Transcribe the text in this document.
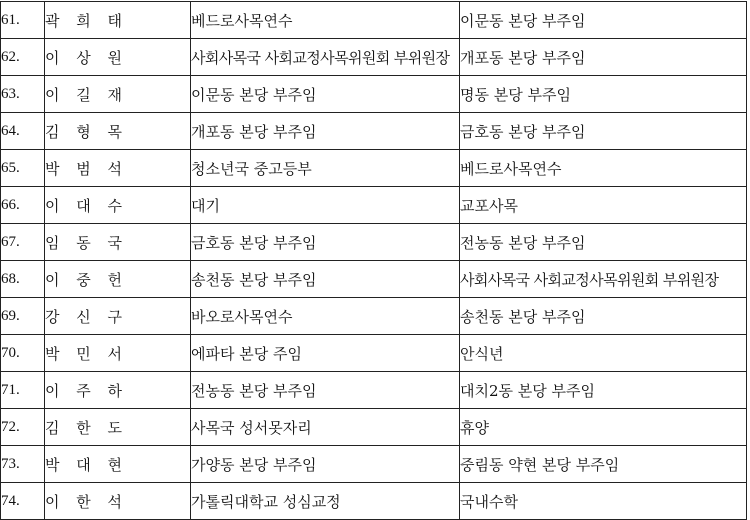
61.	곽 희 태	베드로사목연수	이문동 본당 부주임
62.	이 상 원	사회사목국 사회교정사목위원회 부위원장	개포동 본당 부주임
63.	이 길 재	이문동 본당 부주임	명동 본당 부주임
64.	김 형 목	개포동 본당 부주임	금호동 본당 부주임
65.	박 범 석	청소년국 중고등부	베드로사목연수
66.	이 대 수	대기	교포사목
67.	임 동 국	금호동 본당 부주임	전농동 본당 부주임
68.	이 중 헌	송천동 본당 부주임	사회사목국 사회교정사목위원회 부위원장
69.	강 신 구	바오로사목연수	송천동 본당 부주임
70.	박 민 서	에파타 본당 주임	안식년
71.	이 주 하	전농동 본당 부주임	대치2동 본당 부주임
72.	김 한 도	사목국 성서못자리	휴양
73.	박 대 현	가양동 본당 부주임	중림동 약현 본당 부주임
74.	이 한 석	가톨릭대학교 성심교정	국내수학
